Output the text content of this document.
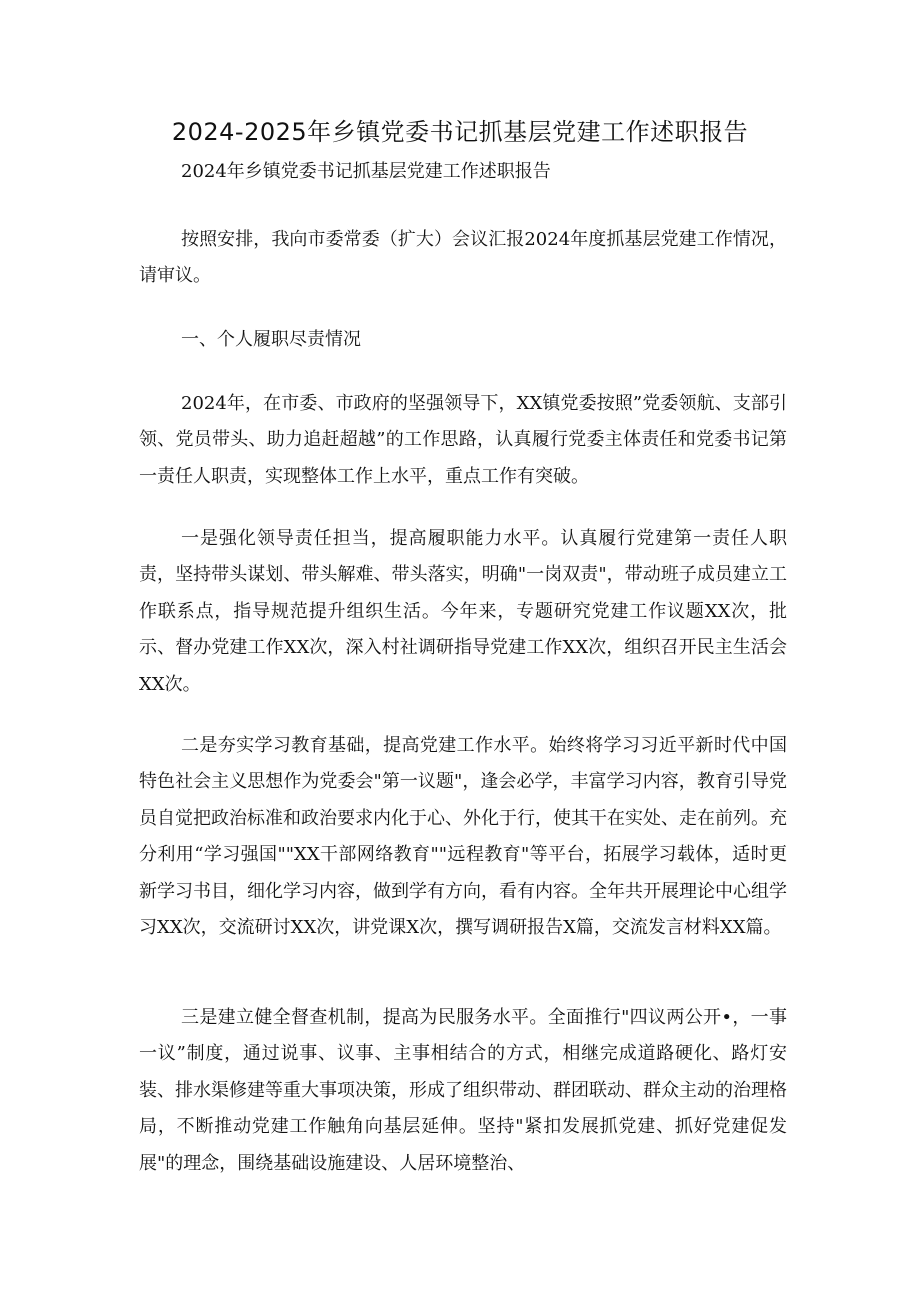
2024-2025年乡镇党委书记抓基层党建工作述职报告

2024年乡镇党委书记抓基层党建工作述职报告

按照安排，我向市委常委（扩大）会议汇报2024年度抓基层党建工作情况，请审议。

一、个人履职尽责情况

2024年，在市委、市政府的坚强领导下，XX镇党委按照”党委领航、支部引领、党员带头、助力追赶超越”的工作思路，认真履行党委主体责任和党委书记第一责任人职责，实现整体工作上水平，重点工作有突破。

一是强化领导责任担当，提高履职能力水平。认真履行党建第一责任人职责，坚持带头谋划、带头解难、带头落实，明确"一岗双责"，带动班子成员建立工作联系点，指导规范提升组织生活。今年来，专题研究党建工作议题XX次，批示、督办党建工作XX次，深入村社调研指导党建工作XX次，组织召开民主生活会XX次。

二是夯实学习教育基础，提高党建工作水平。始终将学习习近平新时代中国特色社会主义思想作为党委会"第一议题"，逢会必学，丰富学习内容，教育引导党员自觉把政治标准和政治要求内化于心、外化于行，使其干在实处、走在前列。充分利用“学习强国""XX干部网络教育""远程教育"等平台，拓展学习载体，适时更新学习书目，细化学习内容，做到学有方向，看有内容。全年共开展理论中心组学习XX次，交流研讨XX次，讲党课X次，撰写调研报告X篇，交流发言材料XX篇。

三是建立健全督查机制，提高为民服务水平。全面推行"四议两公开•，一事一议”制度，通过说事、议事、主事相结合的方式，相继完成道路硬化、路灯安装、排水渠修建等重大事项决策，形成了组织带动、群团联动、群众主动的治理格局，不断推动党建工作触角向基层延伸。坚持"紧扣发展抓党建、抓好党建促发展"的理念，围绕基础设施建设、人居环境整治、
